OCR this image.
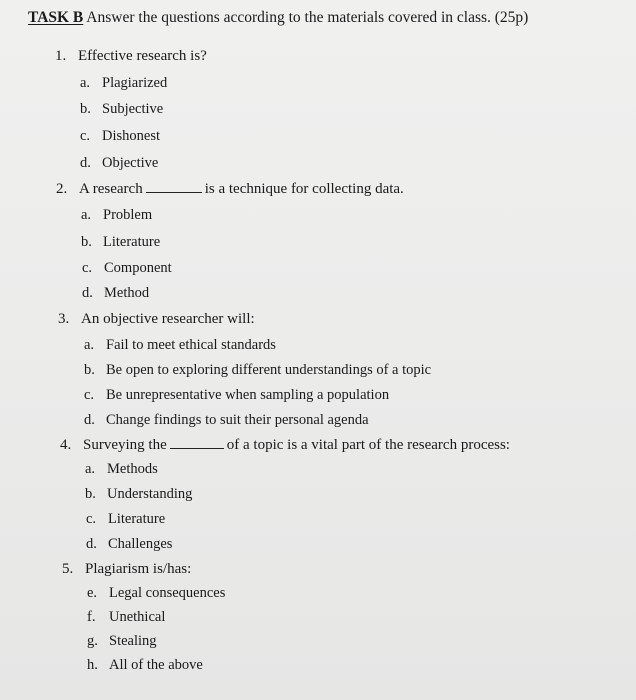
TASK B Answer the questions according to the materials covered in class. (25p)
1. Effective research is?
a. Plagiarized
b. Subjective
c. Dishonest
d. Objective
2. A research	is a technique for collecting data.
a. Problem
b. Literature
c. Component
d. Method
3. An objective researcher will:
a. Fail to meet ethical standards
b. Be open to exploring different understandings of a topic
c. Be unrepresentative when sampling a population
d. Change findings to suit their personal agenda
4. Surveying the	of a topic is a vital part of the research process:
a. Methods
b. Understanding
c. Literature
d. Challenges
5. Plagiarism is/has:
e. Legal consequences
f. Unethical
g. Stealing
h. All of the above
